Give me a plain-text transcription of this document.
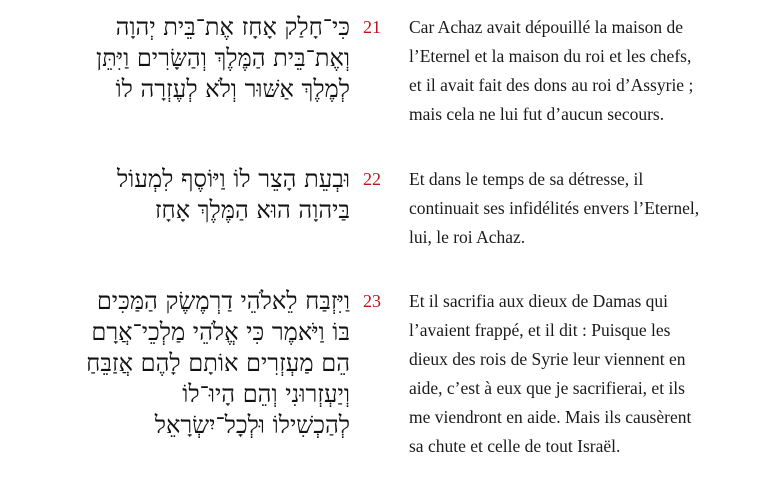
כִּי־חָלַק אָחָז אֶת־בֵּית יְהוָה
וְאֶת־בֵּית הַמֶּלֶךְ וְהַשָּׂרִים וַיִּתֵּן
לְמֶלֶךְ אַשּׁוּר וְלֹא לְעֶזְרָה לוֹ
21	Car Achaz avait dépouillé la maison de
l’Eternel et la maison du roi et les chefs,
et il avait fait des dons au roi d’Assyrie ;
mais cela ne lui fut d’aucun secours.
וּבְעֵת הָצֵר לוֹ וַיּוֹסֶף לִמְעוֹל
בַּיהוָה הוּא הַמֶּלֶךְ אָחָז
22	Et dans le temps de sa détresse, il
continuait ses infidélités envers l’Eternel,
lui, le roi Achaz.
וַיִּזְבַּח לֵאלֹהֵי דַרְמֶשֶׂק הַמַּכִּים
בּוֹ וַיֹּאמֶר כִּי אֱלֹהֵי מַלְכֵי־אֲרָם
הֵם מַעְזְרִים אוֹתָם לָהֶם אֲזַבֵּחַ
וְיַעְזְרוּנִי וְהֵם הָיוּ־לוֹ
לְהַכְשִׁילוֹ וּלְכָל־יִשְׂרָאֵל
23	Et il sacrifia aux dieux de Damas qui
l’avaient frappé, et il dit : Puisque les
dieux des rois de Syrie leur viennent en
aide, c’est à eux que je sacrifierai, et ils
me viendront en aide. Mais ils causèrent
sa chute et celle de tout Israël.
